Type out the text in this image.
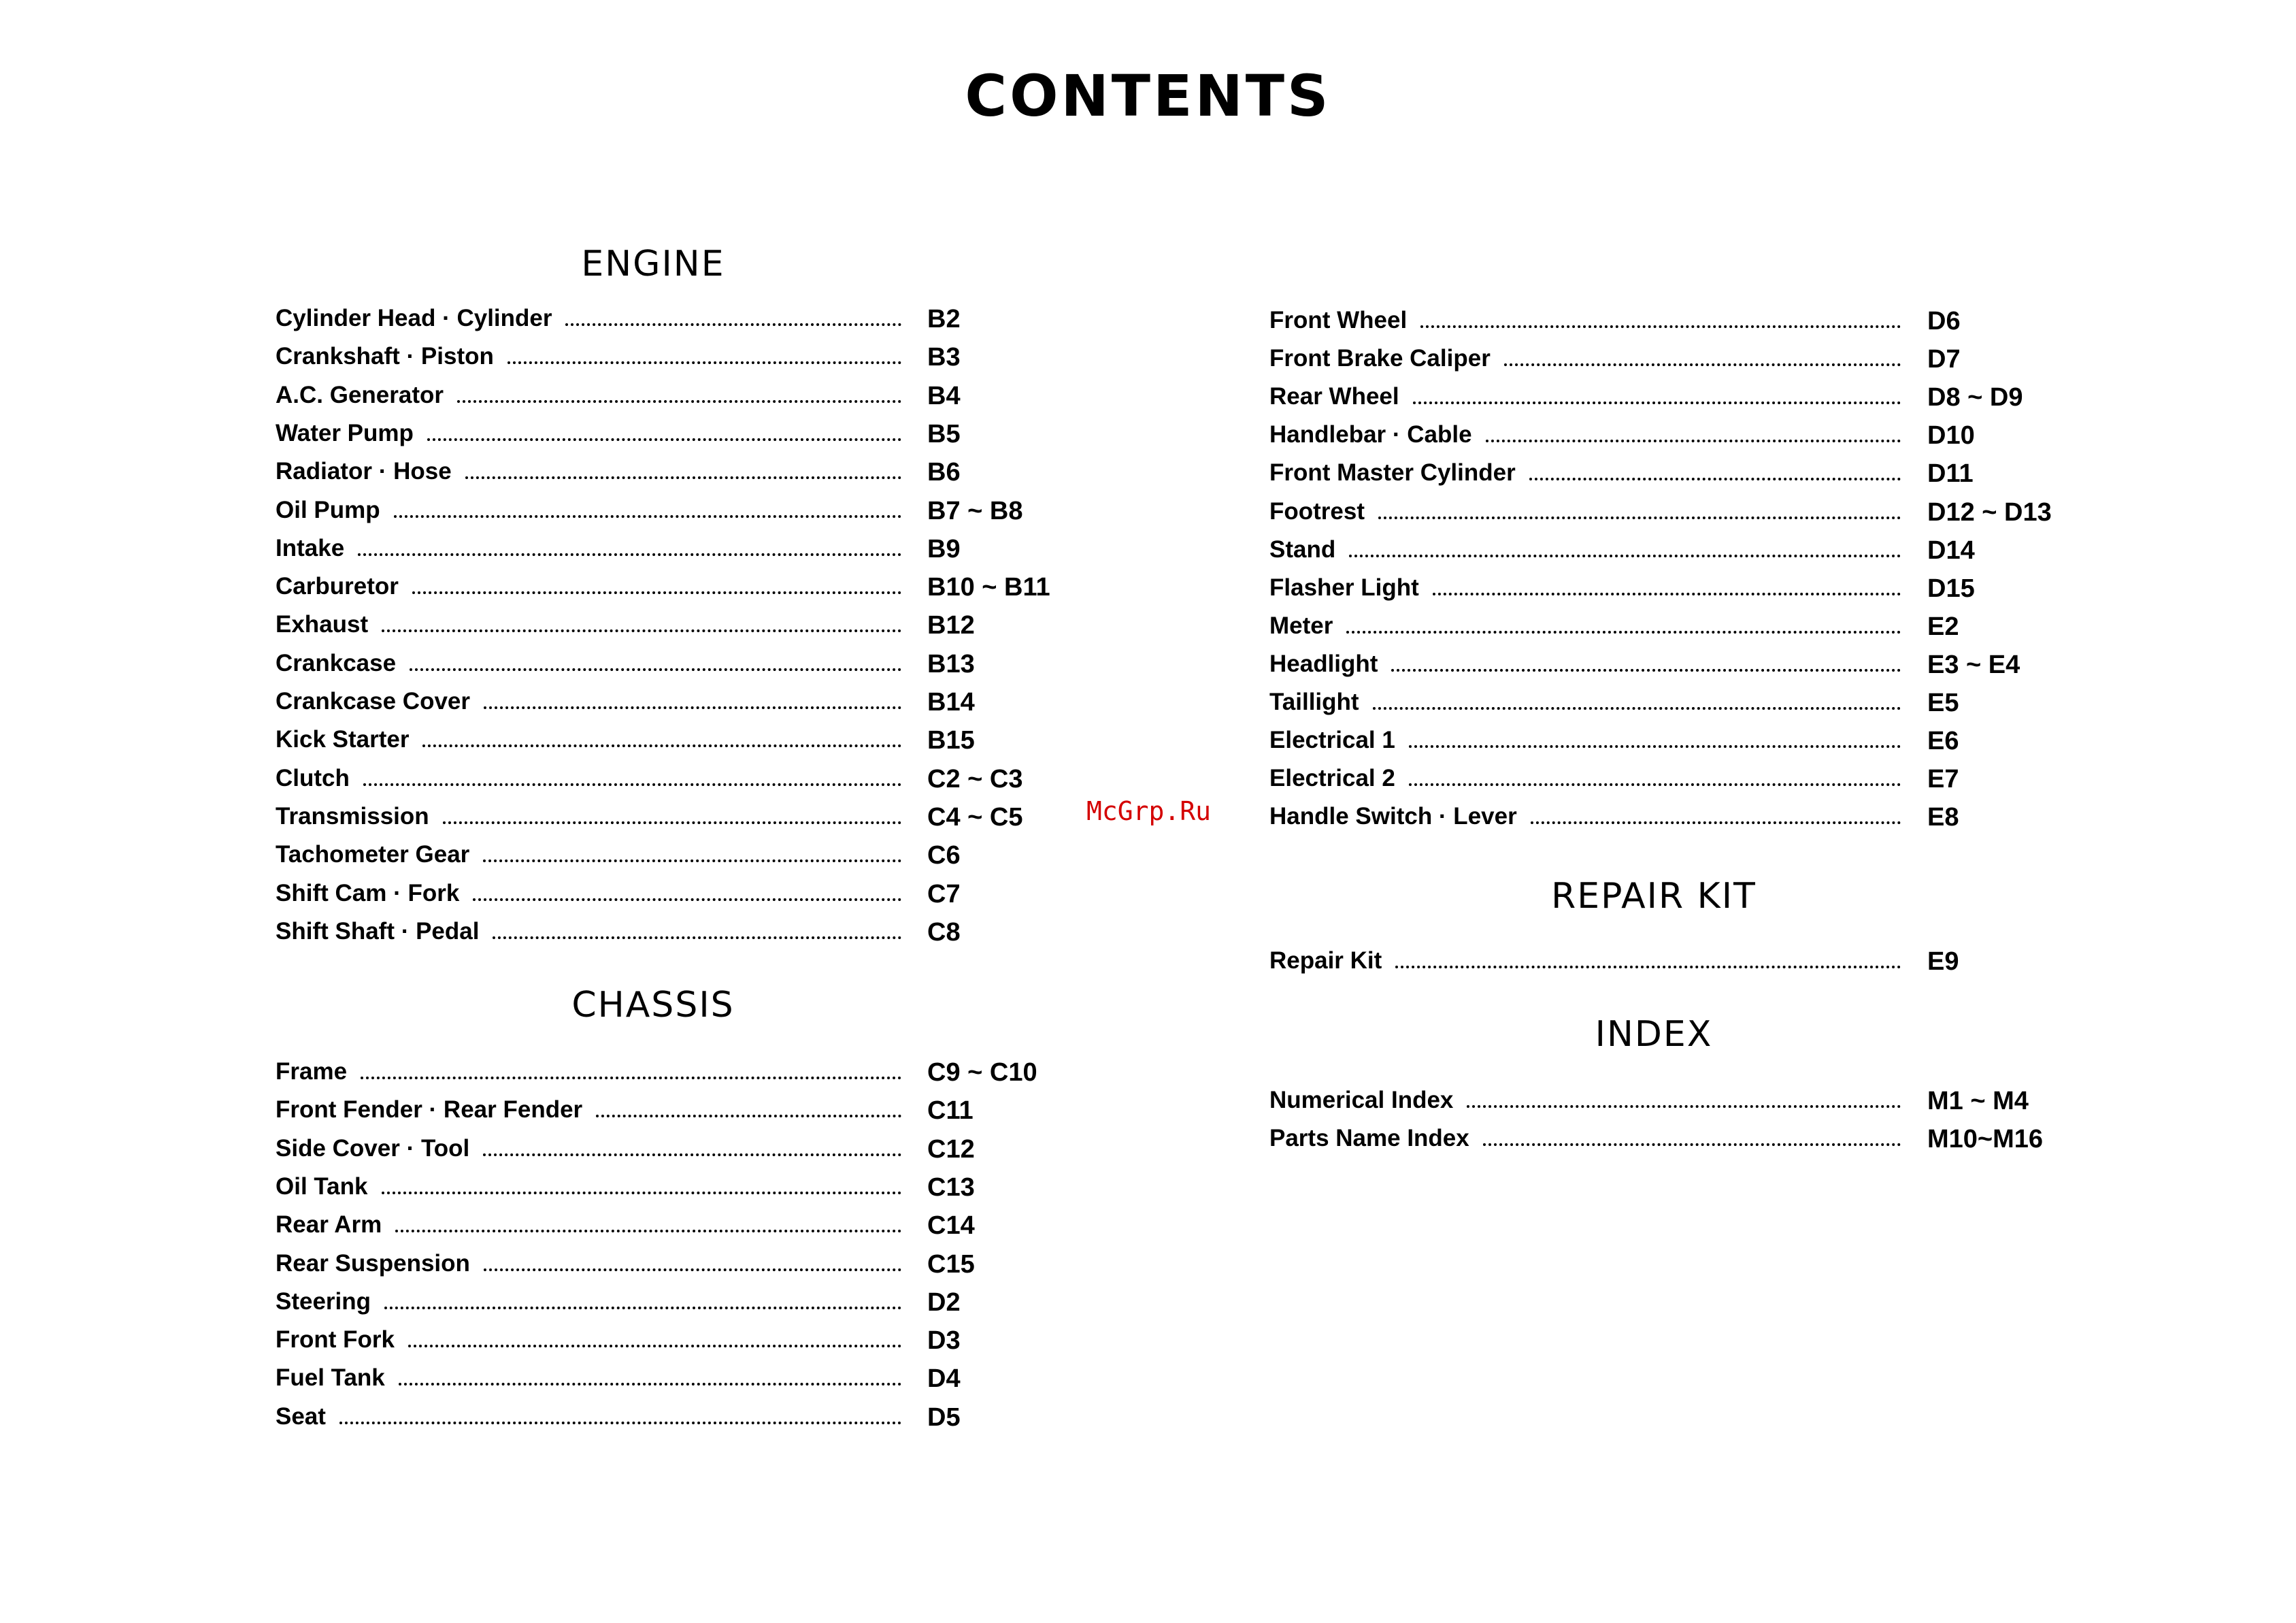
CONTENTS
ENGINE
Cylinder Head · Cylinder	B2
Crankshaft · Piston	B3
A.C. Generator	B4
Water Pump	B5
Radiator · Hose	B6
Oil Pump	B7 ~ B8
Intake	B9
Carburetor	B10 ~ B11
Exhaust	B12
Crankcase	B13
Crankcase Cover	B14
Kick Starter	B15
Clutch	C2 ~ C3
Transmission	C4 ~ C5
Tachometer Gear	C6
Shift Cam · Fork	C7
Shift Shaft · Pedal	C8
CHASSIS
Frame	C9 ~ C10
Front Fender · Rear Fender	C11
Side Cover · Tool	C12
Oil Tank	C13
Rear Arm	C14
Rear Suspension	C15
Steering	D2
Front Fork	D3
Fuel Tank	D4
Seat	D5
Front Wheel	D6
Front Brake Caliper	D7
Rear Wheel	D8 ~ D9
Handlebar · Cable	D10
Front Master Cylinder	D11
Footrest	D12 ~ D13
Stand	D14
Flasher Light	D15
Meter	E2
Headlight	E3 ~ E4
Taillight	E5
Electrical 1	E6
Electrical 2	E7
Handle Switch · Lever	E8
REPAIR KIT
Repair Kit	E9
INDEX
Numerical Index	M1 ~ M4
Parts Name Index	M10~M16
McGrp.Ru
